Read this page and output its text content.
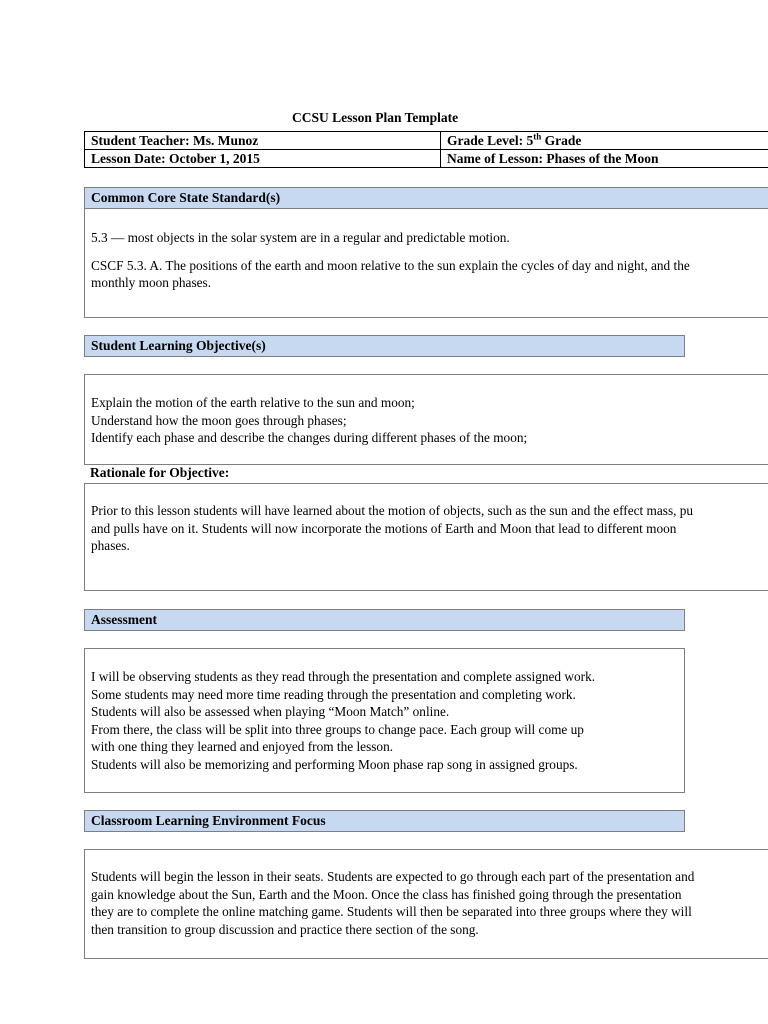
CCSU Lesson Plan Template
Student Teacher: Ms. Munoz	Grade Level: 5th Grade
Lesson Date: October 1, 2015	Name of Lesson: Phases of the Moon
Common Core State Standard(s)

5.3 — most objects in the solar system are in a regular and predictable motion.

CSCF 5.3. A. The positions of the earth and moon relative to the sun explain the cycles of day and night, and the

monthly moon phases.

Student Learning Objective(s)

Explain the motion of the earth relative to the sun and moon;

Understand how the moon goes through phases;

Identify each phase and describe the changes during different phases of the moon;

Rationale for Objective:

Prior to this lesson students will have learned about the motion of objects, such as the sun and the effect mass, pu

and pulls have on it. Students will now incorporate the motions of Earth and Moon that lead to different moon

phases.

Assessment

I will be observing students as they read through the presentation and complete assigned work.

Some students may need more time reading through the presentation and completing work.

Students will also be assessed when playing “Moon Match” online.

From there, the class will be split into three groups to change pace. Each group will come up

with one thing they learned and enjoyed from the lesson.

Students will also be memorizing and performing Moon phase rap song in assigned groups.

Classroom Learning Environment Focus

Students will begin the lesson in their seats. Students are expected to go through each part of the presentation and

gain knowledge about the Sun, Earth and the Moon. Once the class has finished going through the presentation

they are to complete the online matching game. Students will then be separated into three groups where they will

then transition to group discussion and practice there section of the song.
